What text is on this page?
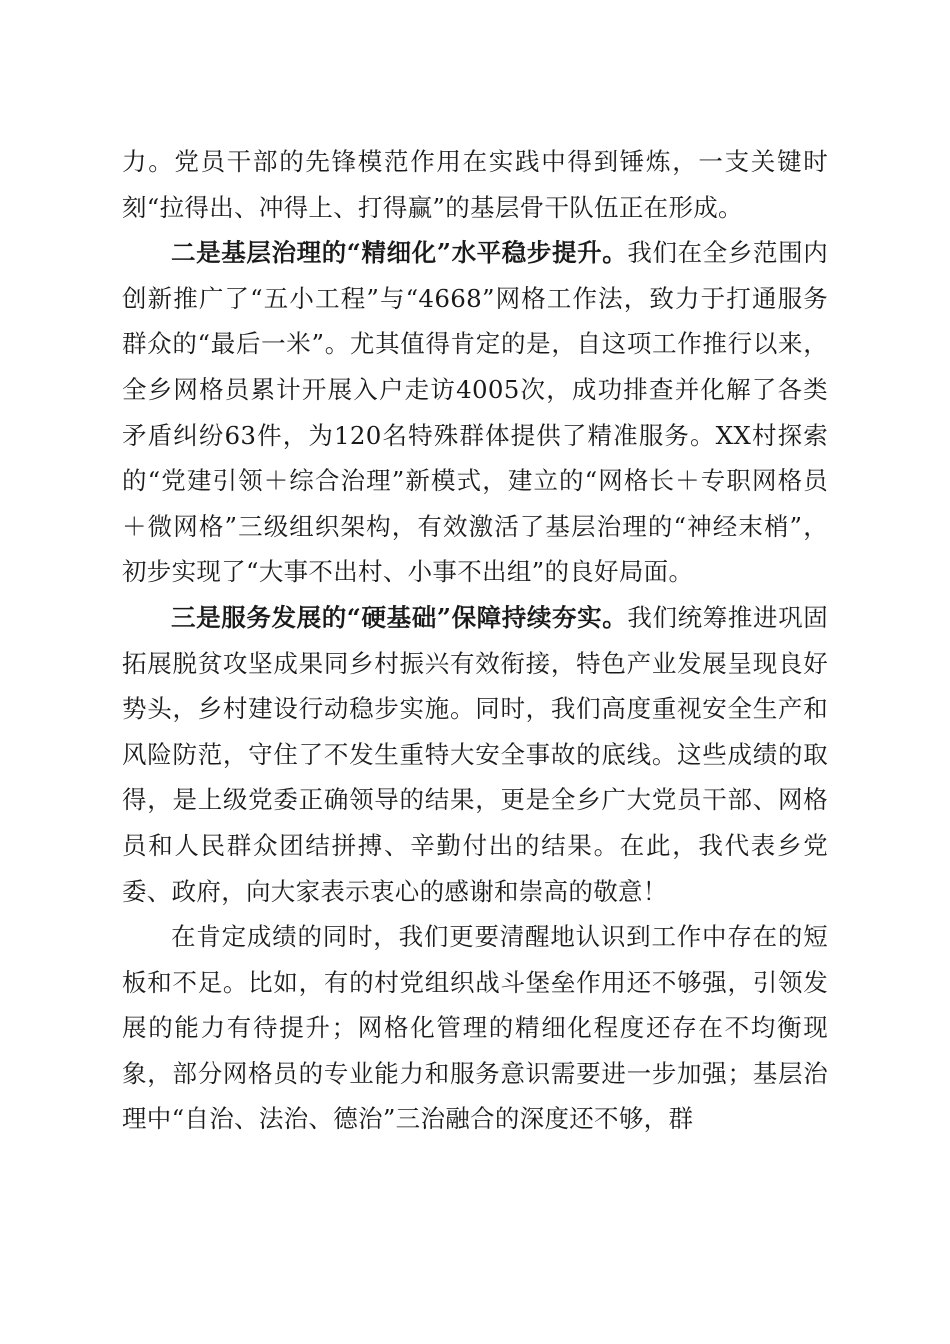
力。党员干部的先锋模范作用在实践中得到锤炼，一支关键时刻“拉得出、冲得上、打得赢”的基层骨干队伍正在形成。

二是基层治理的“精细化”水平稳步提升。我们在全乡范围内创新推广了“五小工程”与“4668”网格工作法，致力于打通服务群众的“最后一米”。尤其值得肯定的是，自这项工作推行以来，全乡网格员累计开展入户走访4005次，成功排查并化解了各类矛盾纠纷63件，为120名特殊群体提供了精准服务。XX村探索的“党建引领＋综合治理”新模式，建立的“网格长＋专职网格员＋微网格”三级组织架构，有效激活了基层治理的“神经末梢”，初步实现了“大事不出村、小事不出组”的良好局面。

三是服务发展的“硬基础”保障持续夯实。我们统筹推进巩固拓展脱贫攻坚成果同乡村振兴有效衔接，特色产业发展呈现良好势头，乡村建设行动稳步实施。同时，我们高度重视安全生产和风险防范，守住了不发生重特大安全事故的底线。这些成绩的取得，是上级党委正确领导的结果，更是全乡广大党员干部、网格员和人民群众团结拼搏、辛勤付出的结果。在此，我代表乡党委、政府，向大家表示衷心的感谢和崇高的敬意！

在肯定成绩的同时，我们更要清醒地认识到工作中存在的短板和不足。比如，有的村党组织战斗堡垒作用还不够强，引领发展的能力有待提升；网格化管理的精细化程度还存在不均衡现象，部分网格员的专业能力和服务意识需要进一步加强；基层治理中“自治、法治、德治”三治融合的深度还不够，群
